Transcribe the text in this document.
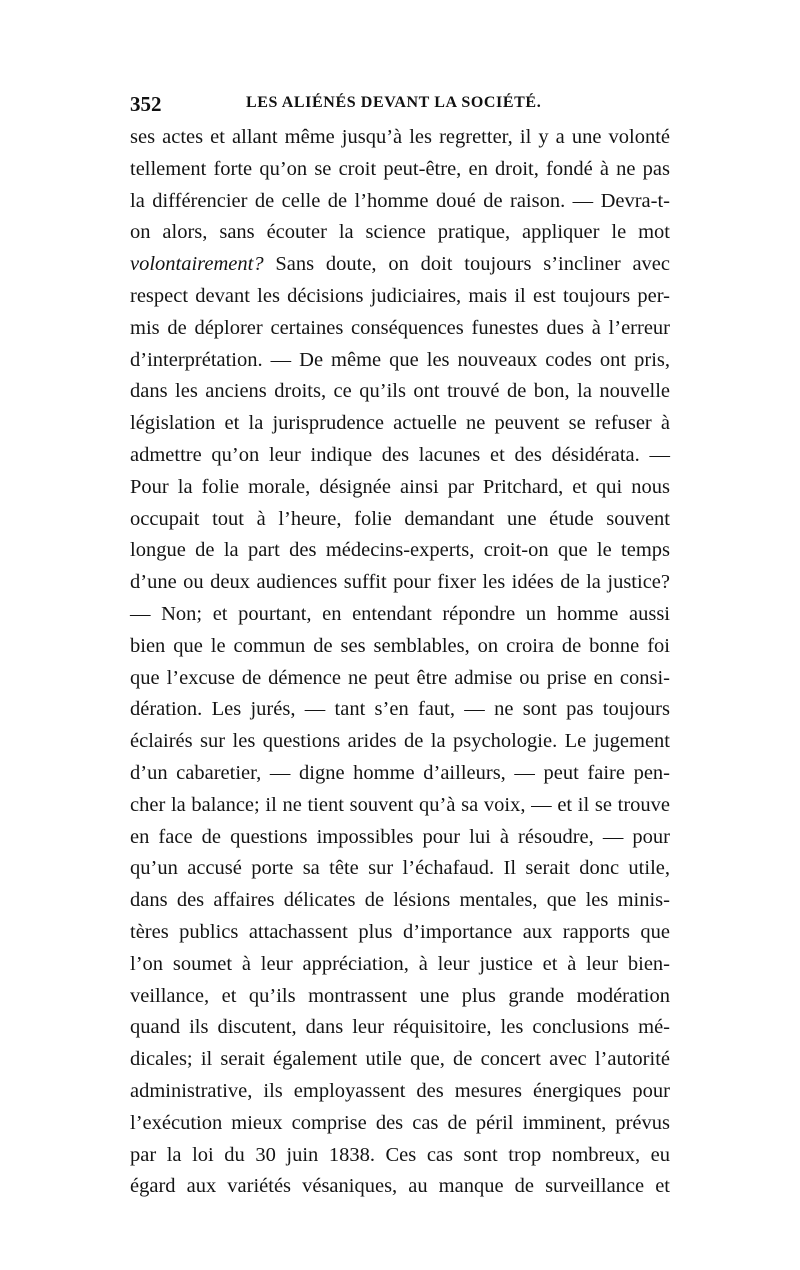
352	LES ALIÉNÉS DEVANT LA SOCIÉTÉ.
ses actes et allant même jusqu’à les regretter, il y a une volonté
tellement forte qu’on se croit peut-être, en droit, fondé à ne pas
la différencier de celle de l’homme doué de raison. — Devra-t-
on alors, sans écouter la science pratique, appliquer le mot
volontairement? Sans doute, on doit toujours s’incliner avec
respect devant les décisions judiciaires, mais il est toujours per-
mis de déplorer certaines conséquences funestes dues à l’erreur
d’interprétation. — De même que les nouveaux codes ont pris,
dans les anciens droits, ce qu’ils ont trouvé de bon, la nouvelle
législation et la jurisprudence actuelle ne peuvent se refuser à
admettre qu’on leur indique des lacunes et des désidérata. —
Pour la folie morale, désignée ainsi par Pritchard, et qui nous
occupait tout à l’heure, folie demandant une étude souvent
longue de la part des médecins-experts, croit-on que le temps
d’une ou deux audiences suffit pour fixer les idées de la justice?
— Non; et pourtant, en entendant répondre un homme aussi
bien que le commun de ses semblables, on croira de bonne foi
que l’excuse de démence ne peut être admise ou prise en consi-
dération. Les jurés, — tant s’en faut, — ne sont pas toujours
éclairés sur les questions arides de la psychologie. Le jugement
d’un cabaretier, — digne homme d’ailleurs, — peut faire pen-
cher la balance; il ne tient souvent qu’à sa voix, — et il se trouve
en face de questions impossibles pour lui à résoudre, — pour
qu’un accusé porte sa tête sur l’échafaud. Il serait donc utile,
dans des affaires délicates de lésions mentales, que les minis-
tères publics attachassent plus d’importance aux rapports que
l’on soumet à leur appréciation, à leur justice et à leur bien-
veillance, et qu’ils montrassent une plus grande modération
quand ils discutent, dans leur réquisitoire, les conclusions mé-
dicales; il serait également utile que, de concert avec l’autorité
administrative, ils employassent des mesures énergiques pour
l’exécution mieux comprise des cas de péril imminent, prévus
par la loi du 30 juin 1838. Ces cas sont trop nombreux, eu
égard aux variétés vésaniques, au manque de surveillance et
